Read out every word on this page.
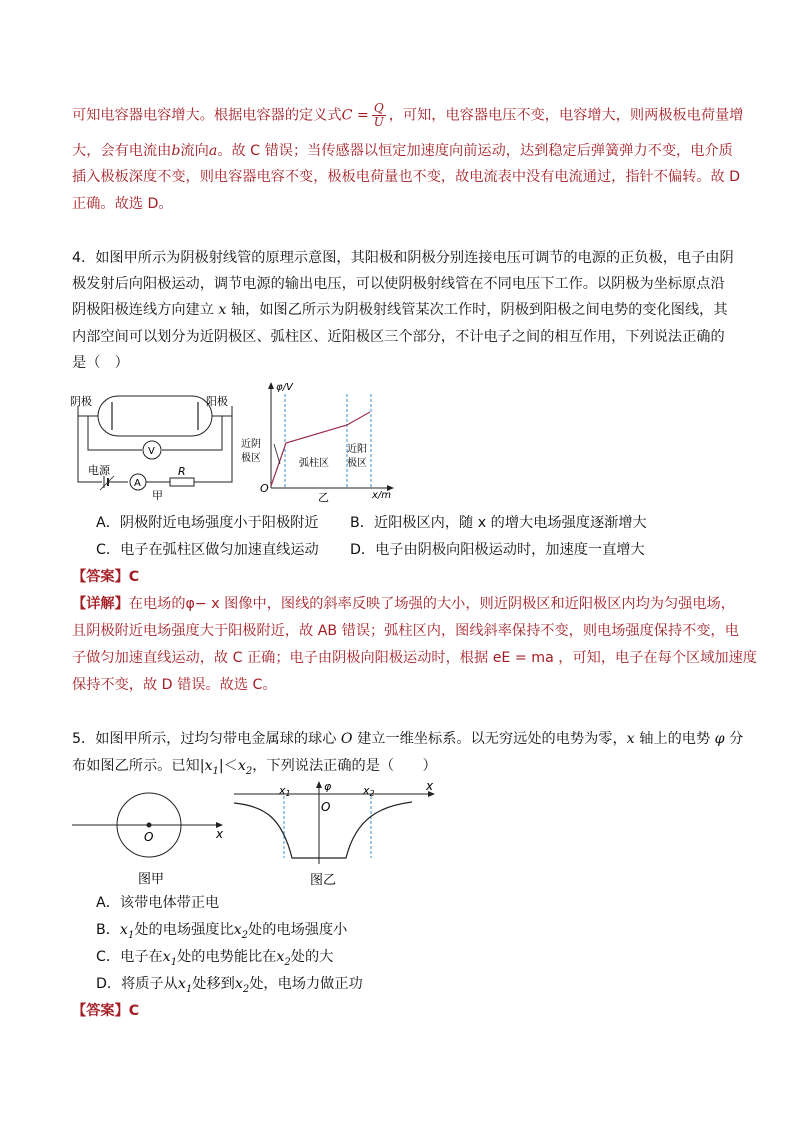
可知电容器电容增大。根据电容器的定义式$C = \frac{Q}{U}$ ，可知，电容器电压不变，电容增大，则两极板电荷量增
大，会有电流由b流向a。故 C 错误；当传感器以恒定加速度向前运动，达到稳定后弹簧弹力不变，电介质
插入极板深度不变，则电容器电容不变，极板电荷量也不变，故电流表中没有电流通过，指针不偏转。故 D
正确。故选 D。
4．如图甲所示为阴极射线管的原理示意图，其阳极和阴极分别连接电压可调节的电源的正负极，电子由阴
极发射后向阳极运动，调节电源的输出电压，可以使阴极射线管在不同电压下工作。以阴极为坐标原点沿
阴极阳极连线方向建立 x 轴，如图乙所示为阴极射线管某次工作时，阴极到阳极之间电势的变化图线，其
内部空间可以划分为近阴极区、弧柱区、近阳极区三个部分，不计电子之间的相互作用，下列说法正确的
是（　）
阴极	阳极
V
电源
A
R
甲
φ/V
x/m
O
近阴
极区	弧柱区
近阳
极区
乙
A．阴极附近电场强度小于阳极附近 B．近阳极区内，随 x 的增大电场强度逐渐增大
C．电子在弧柱区做匀加速直线运动 D．电子由阴极向阳极运动时，加速度一直增大
【答案】C
【详解】在电场的φ− x 图像中，图线的斜率反映了场强的大小，则近阴极区和近阳极区内均为匀强电场，
且阴极附近电场强度大于阳极附近，故 AB 错误；弧柱区内，图线斜率保持不变，则电场强度保持不变，电
子做匀加速直线运动，故 C 正确；电子由阴极向阳极运动时，根据 eE = ma ，可知，电子在每个区域加速度
保持不变，故 D 错误。故选 C。
5．如图甲所示，过均匀带电金属球的球心 O 建立一维坐标系。以无穷远处的电势为零，x 轴上的电势 φ 分
布如图乙所示。已知$|x_1|<x_2$，下列说法正确的是（　　）
O	x
图甲
φ	x
O
x1	x2
图乙
A．该带电体带正电
B．$x_1$处的电场强度比$x_2$处的电场强度小
C．电子在$x_1$处的电势能比在$x_2$处的大
D．将质子从$x_1$处移到$x_2$处，电场力做正功
【答案】C
